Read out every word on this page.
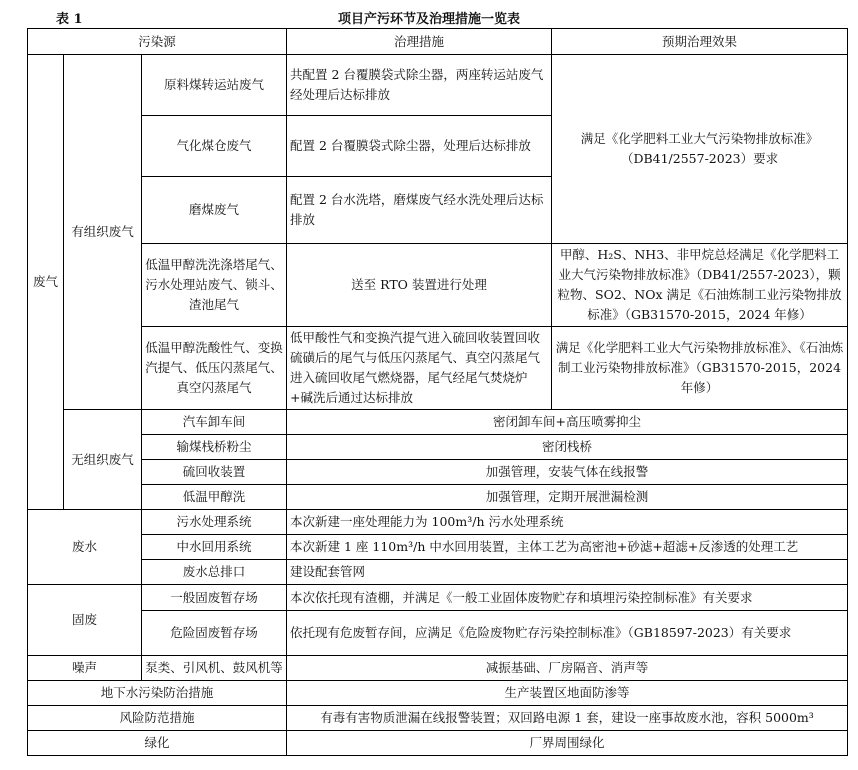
表 1	项目产污环节及治理措施一览表
污染源			治理措施	预期治理效果
废气	有组织废气	原料煤转运站废气	共配置 2 台覆膜袋式除尘器，两座转运站废气经处理后达标排放	满足《化学肥料工业大气污染物排放标准》（DB41/2557-2023）要求
		气化煤仓废气	配置 2 台覆膜袋式除尘器，处理后达标排放	
		磨煤废气	配置 2 台水洗塔，磨煤废气经水洗处理后达标排放	
		低温甲醇洗洗涤塔尾气、污水处理站废气、锁斗、渣池尾气	送至 RTO 装置进行处理	甲醇、H₂S、NH3、非甲烷总烃满足《化学肥料工业大气污染物排放标准》（DB41/2557-2023），颗粒物、SO2、NOx 满足《石油炼制工业污染物排放标准》（GB31570-2015，2024 年修）
		低温甲醇洗酸性气、变换汽提气、低压闪蒸尾气、真空闪蒸尾气	低甲酸性气和变换汽提气进入硫回收装置回收硫磺后的尾气与低压闪蒸尾气、真空闪蒸尾气进入硫回收尾气燃烧器，尾气经尾气焚烧炉+碱洗后通过达标排放	满足《化学肥料工业大气污染物排放标准》、《石油炼制工业污染物排放标准》（GB31570-2015，2024 年修）
	无组织废气	汽车卸车间	密闭卸车间+高压喷雾抑尘	
		输煤栈桥粉尘	密闭栈桥	
		硫回收装置	加强管理，安装气体在线报警	
		低温甲醇洗	加强管理，定期开展泄漏检测	
废水		污水处理系统	本次新建一座处理能力为 100m³/h 污水处理系统	
		中水回用系统	本次新建 1 座 110m³/h 中水回用装置，主体工艺为高密池+砂滤+超滤+反渗透的处理工艺	
		废水总排口	建设配套管网	
固废		一般固废暂存场	本次依托现有渣棚，并满足《一般工业固体废物贮存和填埋污染控制标准》有关要求	
		危险固废暂存场	依托现有危废暂存间，应满足《危险废物贮存污染控制标准》（GB18597-2023）有关要求	
噪声		泵类、引风机、鼓风机等	减振基础、厂房隔音、消声等	
地下水污染防治措施			生产装置区地面防渗等	
风险防范措施			有毒有害物质泄漏在线报警装置；双回路电源 1 套，建设一座事故废水池，容积 5000m³	
绿化			厂界周围绿化	
